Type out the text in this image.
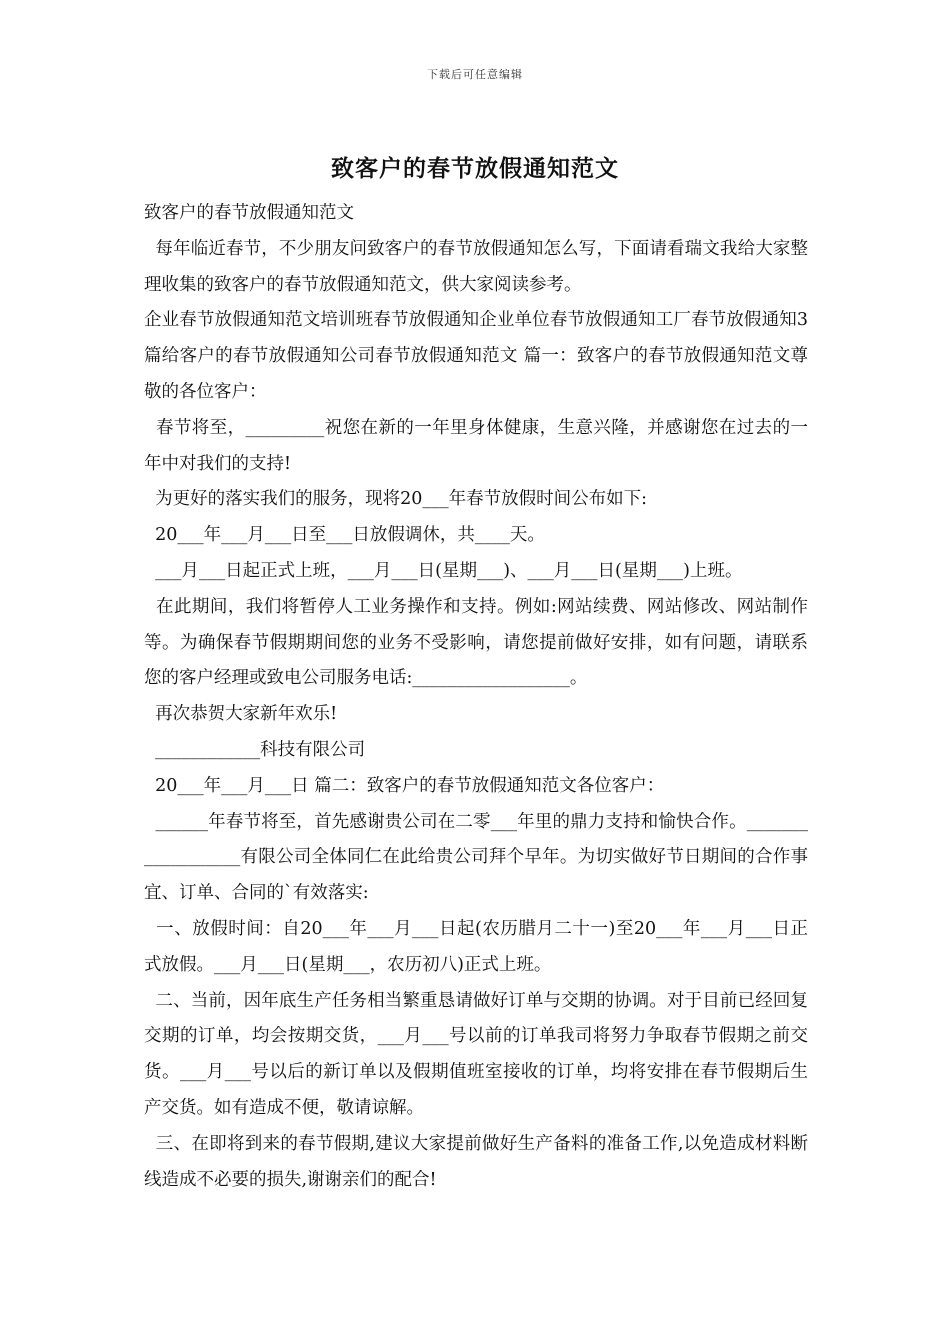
下载后可任意编辑
致客户的春节放假通知范文

致客户的春节放假通知范文

每年临近春节，不少朋友问致客户的春节放假通知怎么写，下面请看瑞文我给大家整理收集的致客户的春节放假通知范文，供大家阅读参考。

企业春节放假通知范文培训班春节放假通知企业单位春节放假通知工厂春节放假通知3篇给客户的春节放假通知公司春节放假通知范文 篇一：致客户的春节放假通知范文尊敬的各位客户：

春节将至，_________祝您在新的一年里身体健康，生意兴隆，并感谢您在过去的一年中对我们的支持!

为更好的落实我们的服务，现将20___年春节放假时间公布如下:

20___年___月___日至___日放假调休，共____天。

___月___日起正式上班，___月___日(星期___)、___月___日(星期___)上班。

在此期间，我们将暂停人工业务操作和支持。例如:网站续费、网站修改、网站制作等。为确保春节假期期间您的业务不受影响，请您提前做好安排，如有问题，请联系您的客户经理或致电公司服务电话:__________________。

再次恭贺大家新年欢乐!

____________科技有限公司

20___年___月___日 篇二：致客户的春节放假通知范文各位客户：

______年春节将至，首先感谢贵公司在二零___年里的鼎力支持和愉快合作。__________________有限公司全体同仁在此给贵公司拜个早年。为切实做好节日期间的合作事宜、订单、合同的`有效落实:

一、放假时间：自20___年___月___日起(农历腊月二十一)至20___年___月___日正式放假。___月___日(星期___，农历初八)正式上班。

二、当前，因年底生产任务相当繁重恳请做好订单与交期的协调。对于目前已经回复交期的订单，均会按期交货，___月___号以前的订单我司将努力争取春节假期之前交货。___月___号以后的新订单以及假期值班室接收的订单，均将安排在春节假期后生产交货。如有造成不便，敬请谅解。

三、在即将到来的春节假期,建议大家提前做好生产备料的准备工作,以免造成材料断线造成不必要的损失,谢谢亲们的配合!
